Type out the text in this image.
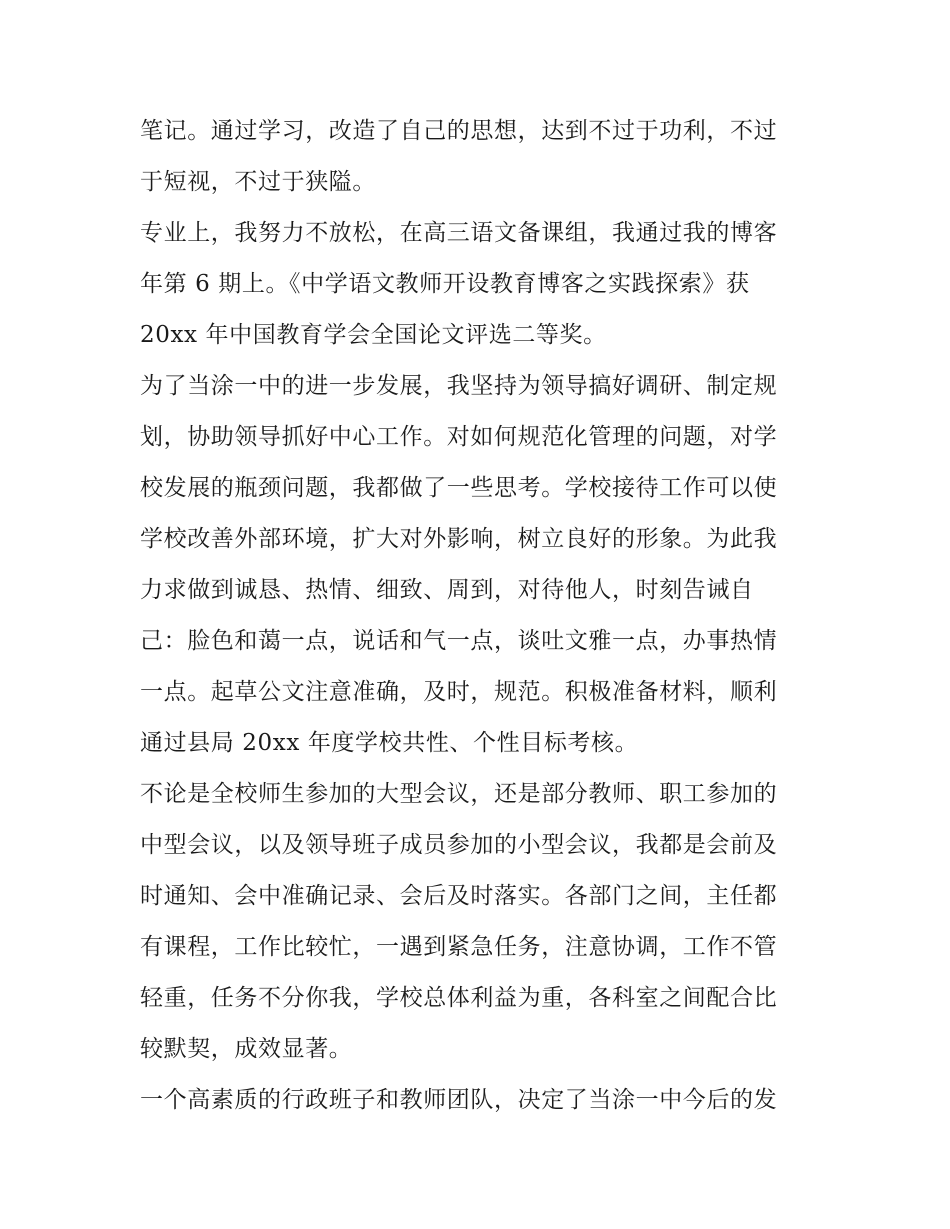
笔记。通过学习，改造了自己的思想，达到不过于功利，不过
于短视，不过于狭隘。
专业上，我努力不放松，在高三语文备课组，我通过我的博客
年第 6 期上。《中学语文教师开设教育博客之实践探索》获
20xx 年中国教育学会全国论文评选二等奖。
为了当涂一中的进一步发展，我坚持为领导搞好调研、制定规
划，协助领导抓好中心工作。对如何规范化管理的问题，对学
校发展的瓶颈问题，我都做了一些思考。学校接待工作可以使
学校改善外部环境，扩大对外影响，树立良好的形象。为此我
力求做到诚恳、热情、细致、周到，对待他人，时刻告诫自
己：脸色和蔼一点，说话和气一点，谈吐文雅一点，办事热情
一点。起草公文注意准确，及时，规范。积极准备材料，顺利
通过县局 20xx 年度学校共性、个性目标考核。
不论是全校师生参加的大型会议，还是部分教师、职工参加的
中型会议，以及领导班子成员参加的小型会议，我都是会前及
时通知、会中准确记录、会后及时落实。各部门之间，主任都
有课程，工作比较忙，一遇到紧急任务，注意协调，工作不管
轻重，任务不分你我，学校总体利益为重，各科室之间配合比
较默契，成效显著。
一个高素质的行政班子和教师团队，决定了当涂一中今后的发
